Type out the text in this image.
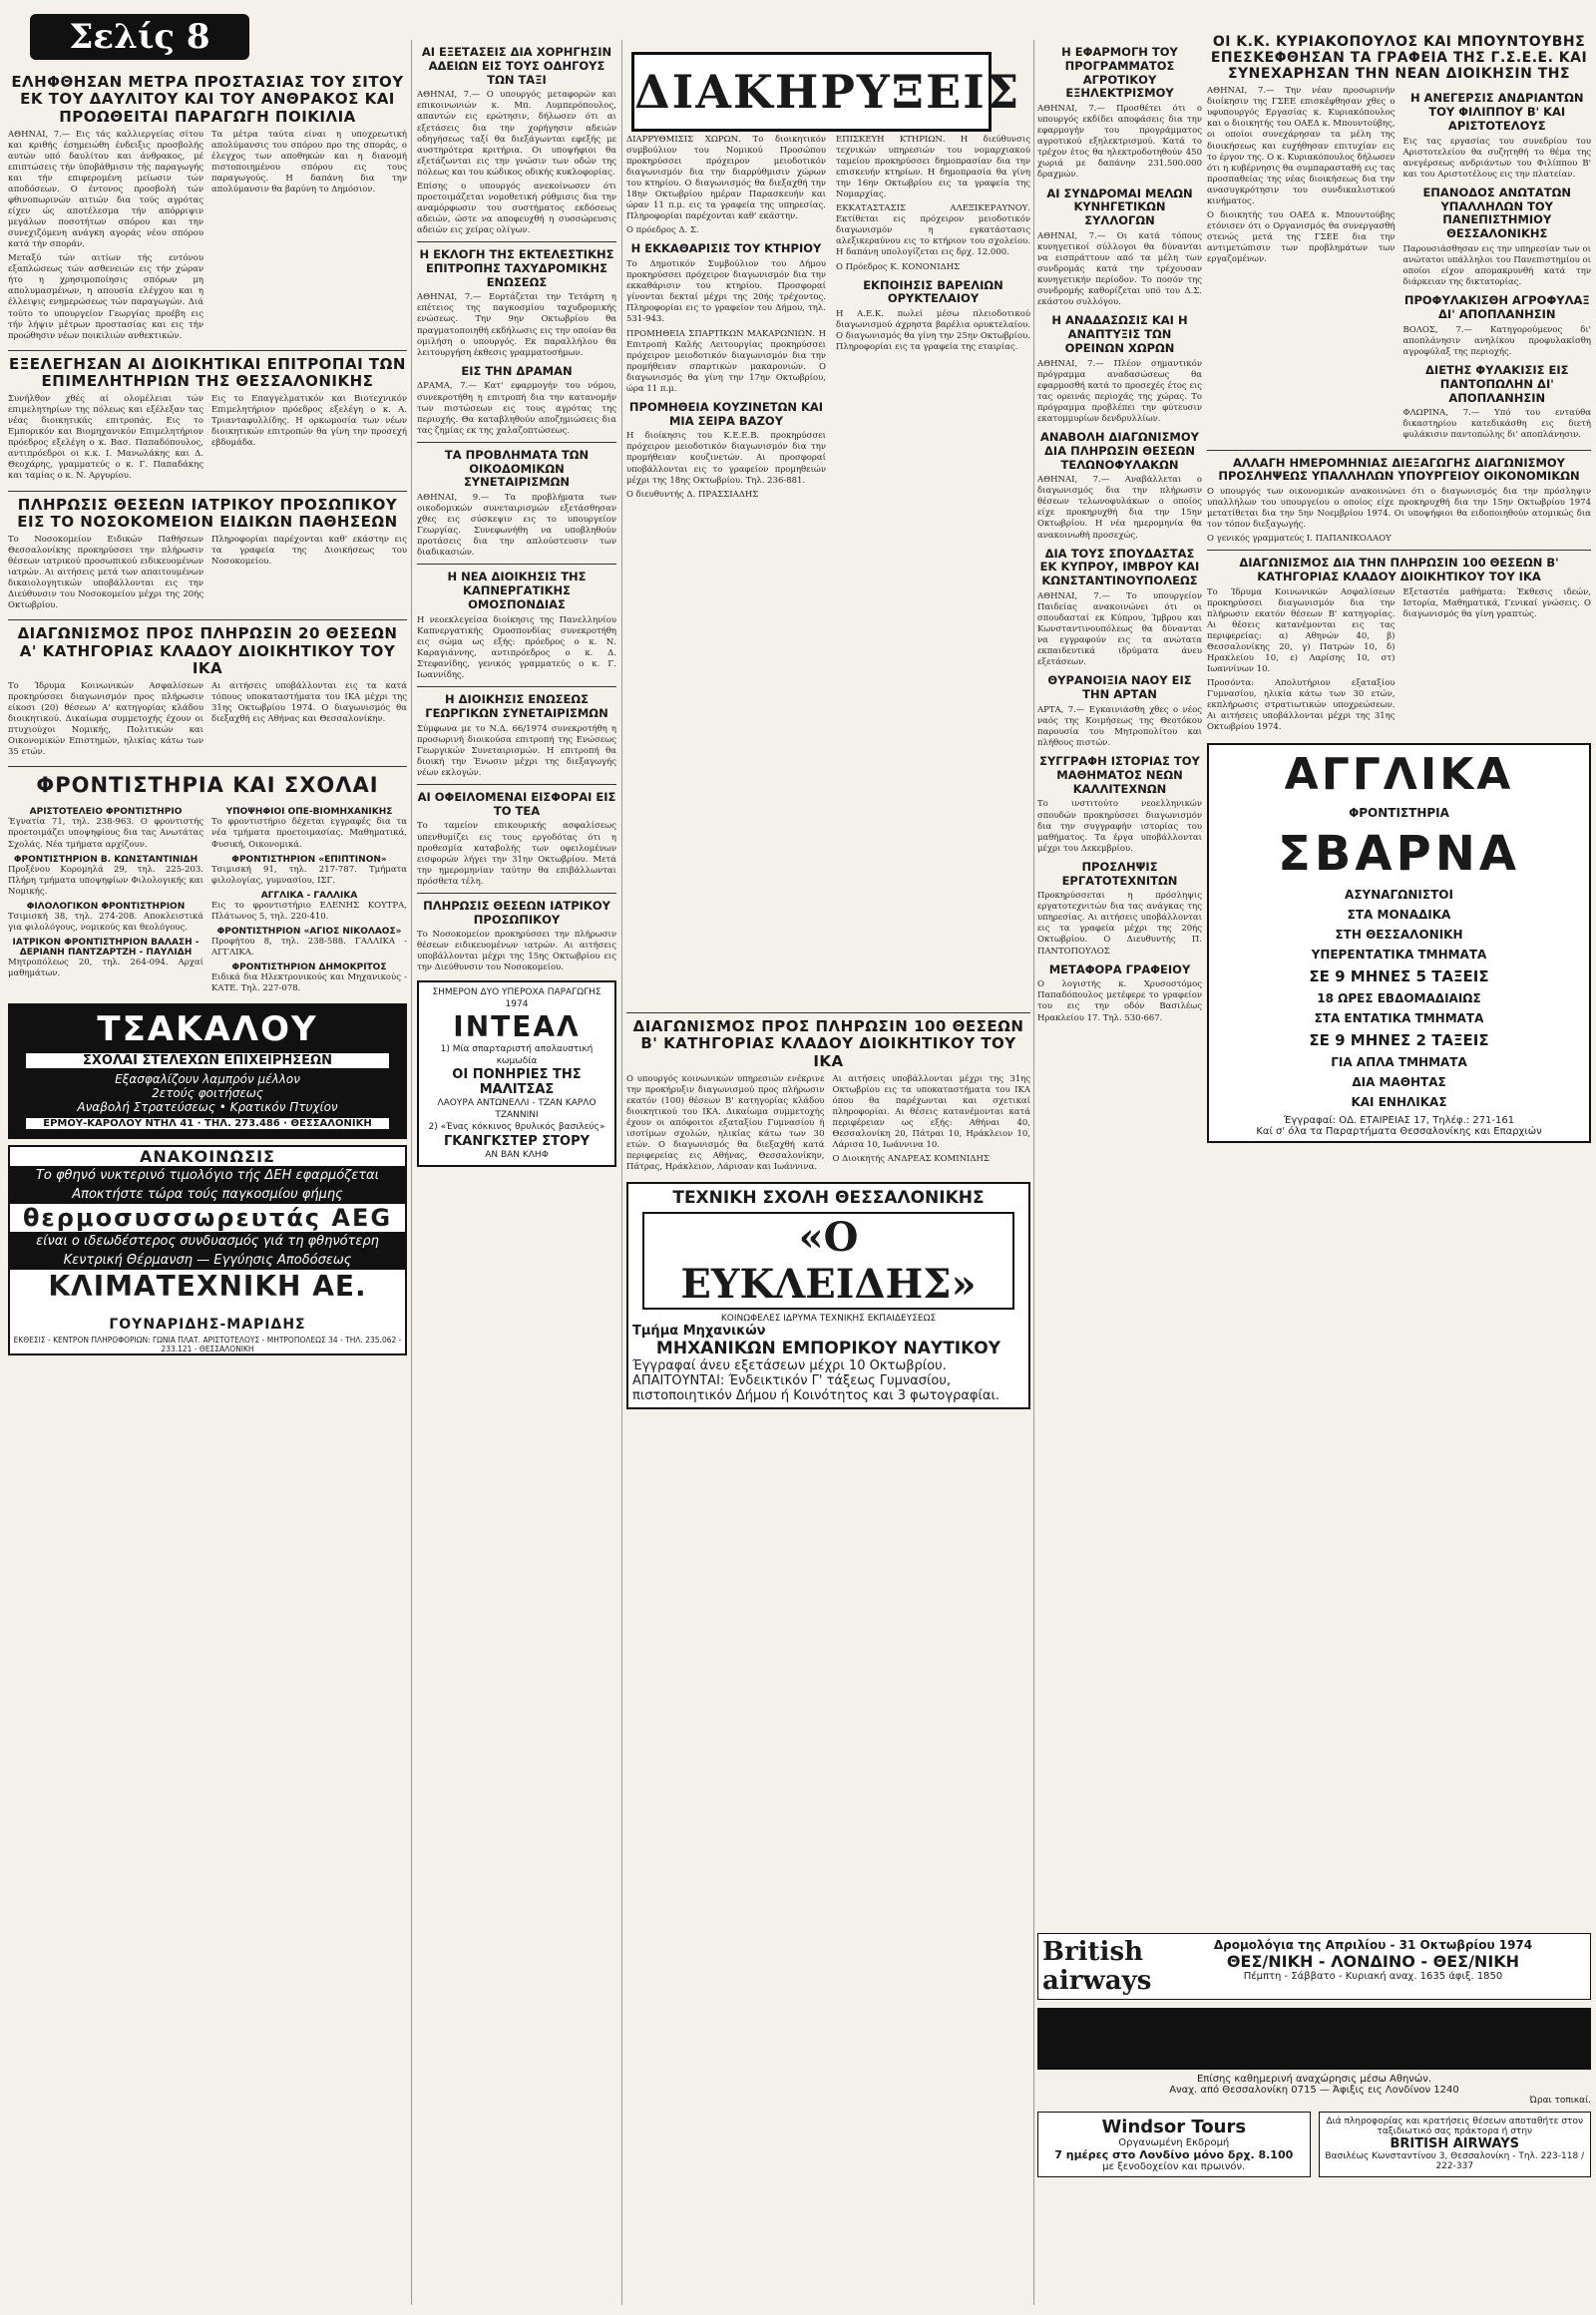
Σελίς 8
ΕΛΗΦΘΗΣΑΝ ΜΕΤΡΑ ΠΡΟΣΤΑΣΙΑΣ ΤΟΥ ΣΙΤΟΥ ΕΚ ΤΟΥ ΔΑΥΛΙΤΟΥ ΚΑΙ ΤΟΥ ΑΝΘΡΑΚΟΣ ΚΑΙ ΠΡΟΩΘΕΙΤΑΙ ΠΑΡΑΓΩΓΗ ΠΟΙΚΙΛΙΑ

ΑΘΗΝΑΙ, 7.— Εις τάς καλλιεργείας σίτου και κριθής έσημειώθη ένδειξις προσβολής αυτών υπό δαυλίτου και άνθρακος, μέ επιπτώσεις τήν ύποβάθμισιν τής παραγωγής και τήν επιφερομένη μείωσιν τών αποδόσεων. Ο έντονος προσβολή τών φθινοπωρινών αιτιών δια τούς αγρότας είχεν ώς αποτέλεσμα τήν απόρριψιν μεγάλων ποσοτήτων σπόρου και την συνεχιζόμενη ανάγκη αγοράς νέου σπόρου κατά τήν σποράν.

Μεταξύ τών αιτίων τής εντόνου εξαπλώσεως τών ασθενειών εις τήν χώραν ήτο η χρησιμοποίησις σπόρων μη απολυμασμένων, η απουσία ελέγχου και η έλλειψις ενημερώσεως τών παραγωγών. Διά τούτο το υπουργείον Γεωργίας προέβη εις τήν λήψιν μέτρων προστασίας και εις τήν προώθησιν νέων ποικιλιών ανθεκτικών.

Τα μέτρα ταύτα είναι η υποχρεωτική απολύμανσις του σπόρου προ της σποράς, ο έλεγχος των αποθηκών και η διανομή πιστοποιημένου σπόρου εις τους παραγωγούς. Η δαπάνη δια την απολύμανσιν θα βαρύνη το Δημόσιον.

ΕΞΕΛΕΓΗΣΑΝ ΑΙ ΔΙΟΙΚΗΤΙΚΑΙ ΕΠΙΤΡΟΠΑΙ ΤΩΝ ΕΠΙΜΕΛΗΤΗΡΙΩΝ ΤΗΣ ΘΕΣΣΑΛΟΝΙΚΗΣ

Συνήλθον χθές αί ολομέλειαι τών επιμελητηρίων της πόλεως και εξέλεξαν τας νέας διοικητικάς επιτροπάς. Εις το Εμπορικόν και Βιομηχανικόν Επιμελητήριον πρόεδρος εξελέγη ο κ. Βασ. Παπαδόπουλος, αντιπρόεδροι οι κ.κ. Ι. Μανωλάκης και Δ. Θεοχάρης, γραμματεύς ο κ. Γ. Παπαδάκης και ταμίας ο κ. Ν. Αργυρίου.

Εις το Επαγγελματικόν και Βιοτεχνικόν Επιμελητήριον πρόεδρος εξελέγη ο κ. Α. Τριανταφυλλίδης. Η ορκωμοσία των νέων διοικητικών επιτροπών θα γίνη την προσεχή εβδομάδα.

ΠΛΗΡΩΣΙΣ ΘΕΣΕΩΝ ΙΑΤΡΙΚΟΥ ΠΡΟΣΩΠΙΚΟΥ ΕΙΣ ΤΟ ΝΟΣΟΚΟΜΕΙΟΝ ΕΙΔΙΚΩΝ ΠΑΘΗΣΕΩΝ

Το Νοσοκομείον Ειδικών Παθήσεων Θεσσαλονίκης προκηρύσσει την πλήρωσιν θέσεων ιατρικού προσωπικού ειδικευομένων ιατρών. Αι αιτήσεις μετά των απαιτουμένων δικαιολογητικών υποβάλλονται εις την Διεύθυνσιν του Νοσοκομείου μέχρι της 20ής Οκτωβρίου.

Πληροφορίαι παρέχονται καθ' εκάστην εις τα γραφεία της Διοικήσεως του Νοσοκομείου.

ΔΙΑΓΩΝΙΣΜΟΣ ΠΡΟΣ ΠΛΗΡΩΣΙΝ 20 ΘΕΣΕΩΝ Α' ΚΑΤΗΓΟΡΙΑΣ ΚΛΑΔΟΥ ΔΙΟΙΚΗΤΙΚΟΥ ΤΟΥ ΙΚΑ

Το Ίδρυμα Κοινωνικών Ασφαλίσεων προκηρύσσει διαγωνισμόν προς πλήρωσιν είκοσι (20) θέσεων Α' κατηγορίας κλάδου διοικητικού. Δικαίωμα συμμετοχής έχουν οι πτυχιούχοι Νομικής, Πολιτικών και Οικονομικών Επιστημών, ηλικίας κάτω των 35 ετών.

Αι αιτήσεις υποβάλλονται εις τα κατά τόπους υποκαταστήματα του ΙΚΑ μέχρι της 31ης Οκτωβρίου 1974. Ο διαγωνισμός θα διεξαχθή εις Αθήνας και Θεσσαλονίκην.

ΦΡΟΝΤΙΣΤΗΡΙΑ ΚΑΙ ΣΧΟΛΑΙ
ΑΡΙΣΤΟΤΕΛΕΙΟ ΦΡΟΝΤΙΣΤΗΡΙΟ

Έγνατία 71, τηλ. 238-963. Ο φροντιστής προετοιμάζει υποψηφίους δια τας Ανωτάτας Σχολάς. Νέα τμήματα αρχίζουν.

ΦΡΟΝΤΙΣΤΗΡΙΟΝ Β. ΚΩΝΣΤΑΝΤΙΝΙΔΗ

Προξένου Κορομηλά 29, τηλ. 225-203. Πλήρη τμήματα υποψηφίων Φιλολογικής και Νομικής.

ΦΙΛΟΛΟΓΙΚΟΝ ΦΡΟΝΤΙΣΤΗΡΙΟΝ

Τσιμισκή 38, τηλ. 274-208. Αποκλειστικά για φιλολόγους, νομικούς και θεολόγους.

ΙΑΤΡΙΚΟΝ ΦΡΟΝΤΙΣΤΗΡΙΟΝ ΒΑΛΑΣΗ - ΔΕΡΙΑΝΗ ΠΑΝΤΖΑΡΤΖΗ - ΠΑΥΛΙΔΗ

Μητροπόλεως 20, τηλ. 264-094. Αρχαί μαθημάτων.

ΥΠΟΨΗΦΙΟΙ ΟΠΕ-ΒΙΟΜΗΧΑΝΙΚΗΣ

Το φροντιστήριο δέχεται εγγραφές δια τα νέα τμήματα προετοιμασίας. Μαθηματικά, Φυσική, Οικονομικά.

ΦΡΟΝΤΙΣΤΗΡΙΟΝ «ΕΠΙΠΤΙΝΟΝ»

Τσιμισκή 91, τηλ. 217-787. Τμήματα φιλολογίας, γυμνασίου, ΙΣΓ.

ΑΓΓΛΙΚΑ - ΓΑΛΛΙΚΑ

Εις το φροντιστήριο ΕΛΕΝΗΣ ΚΟΥΤΡΑ, Πλάτωνος 5, τηλ. 220-410.

ΦΡΟΝΤΙΣΤΗΡΙΟΝ «ΑΓΙΟΣ ΝΙΚΟΛΑΟΣ»

Προφήτου 8, τηλ. 238-588. ΓΑΛΛΙΚΑ - ΑΓΓΛΙΚΑ.

ΦΡΟΝΤΙΣΤΗΡΙΟΝ ΔΗΜΟΚΡΙΤΟΣ

Ειδικά δια Ηλεκτρονικούς και Μηχανικούς - ΚΑΤΕ. Τηλ. 227-078.

ΤΣΑΚΑΛΟΥ
ΣΧΟΛΑΙ ΣΤΕΛΕΧΩΝ ΕΠΙΧΕΙΡΗΣΕΩΝ
Εξασφαλίζουν λαμπρόν μέλλον
2ετούς φοιτήσεως
Αναβολή Στρατεύσεως • Κρατικόν Πτυχίον
ΕΡΜΟΥ-ΚΑΡΟΛΟΥ ΝΤΗΛ 41 · ΤΗΛ. 273.486 · ΘΕΣΣΑΛΟΝΙΚΗ
ΑΝΑΚΟΙΝΩΣΙΣ
Το φθηνό νυκτερινό τιμολόγιο τής ΔΕΗ εφαρμόζεται
Αποκτήστε τώρα τούς παγκοσμίου φήμης
θερμοσυσσωρευτάς AEG
είναι ο ιδεωδέστερος συνδυασμός γιά τη φθηνότερη
Κεντρική Θέρμανση — Εγγύησις Αποδόσεως
ΚΛΙΜΑΤΕΧΝΙΚΗ ΑΕ. ΓΟΥΝΑΡΙΔΗΣ-ΜΑΡΙΔΗΣ
ΕΚΘΕΣΙΣ - ΚΕΝΤΡΟΝ ΠΛΗΡΟΦΟΡΙΩΝ: ΓΩΝΙΑ ΠΛΑΤ. ΑΡΙΣΤΟΤΕΛΟΥΣ - ΜΗΤΡΟΠΟΛΕΩΣ 34 - ΤΗΛ. 235.062 - 233.121 - ΘΕΣΣΑΛΟΝΙΚΗ
ΑΙ ΕΞΕΤΑΣΕΙΣ ΔΙΑ ΧΟΡΗΓΗΣΙΝ ΑΔΕΙΩΝ ΕΙΣ ΤΟΥΣ ΟΔΗΓΟΥΣ ΤΩΝ ΤΑΞΙ

ΑΘΗΝΑΙ, 7.— Ο υπουργός μεταφορών και επικοινωνιών κ. Μπ. Λυμπερόπουλος, απαντών εις ερώτησιν, δήλωσεν ότι αι εξετάσεις δια την χορήγησιν αδειών οδηγήσεως ταξί θα διεξάγωνται εφεξής με αυστηρότερα κριτήρια. Οι υποψήφιοι θα εξετάζωνται εις την γνώσιν των οδών της πόλεως και του κώδικος οδικής κυκλοφορίας.

Επίσης ο υπουργός ανεκοίνωσεν ότι προετοιμάζεται νομοθετική ρύθμισις δια την αναμόρφωσιν του συστήματος εκδόσεως αδειών, ώστε να αποφευχθή η συσσώρευσις αδειών εις χείρας ολίγων.

Η ΕΚΛΟΓΗ ΤΗΣ ΕΚΤΕΛΕΣΤΙΚΗΣ ΕΠΙΤΡΟΠΗΣ ΤΑΧΥΔΡΟΜΙΚΗΣ ΕΝΩΣΕΩΣ

ΑΘΗΝΑΙ, 7.— Εορτάζεται την Τετάρτη η επέτειος της παγκοσμίου ταχυδρομικής ενώσεως. Την 9ην Οκτωβρίου θα πραγματοποιηθή εκδήλωσις εις την οποίαν θα ομιλήση ο υπουργός. Εκ παραλλήλου θα λειτουργήση έκθεσις γραμματοσήμων.

ΕΙΣ ΤΗΝ ΔΡΑΜΑΝ

ΔΡΑΜΑ, 7.— Κατ' εφαρμογήν του νόμου, συνεκροτήθη η επιτροπή δια την κατανομήν των πιστώσεων εις τους αγρότας της περιοχής. Θα καταβληθούν αποζημιώσεις δια τας ζημίας εκ της χαλαζοπτώσεως.

ΤΑ ΠΡΟΒΛΗΜΑΤΑ ΤΩΝ ΟΙΚΟΔΟΜΙΚΩΝ ΣΥΝΕΤΑΙΡΙΣΜΩΝ

ΑΘΗΝΑΙ, 9.— Τα προβλήματα των οικοδομικών συνεταιρισμών εξετάσθησαν χθες εις σύσκεψιν εις το υπουργείον Γεωργίας. Συνεφωνήθη να υποβληθούν προτάσεις δια την απλούστευσιν των διαδικασιών.

Η ΝΕΑ ΔΙΟΙΚΗΣΙΣ ΤΗΣ ΚΑΠΝΕΡΓΑΤΙΚΗΣ ΟΜΟΣΠΟΝΔΙΑΣ

Η νεοεκλεγείσα διοίκησις της Πανελληνίου Καπνεργατικής Ομοσπονδίας συνεκροτήθη εις σώμα ως εξής: πρόεδρος ο κ. Ν. Καραγιάννης, αντιπρόεδρος ο κ. Δ. Στεφανίδης, γενικός γραμματεύς ο κ. Γ. Ιωαννίδης.

Η ΔΙΟΙΚΗΣΙΣ ΕΝΩΣΕΩΣ ΓΕΩΡΓΙΚΩΝ ΣΥΝΕΤΑΙΡΙΣΜΩΝ

Σύμφωνα με το Ν.Δ. 66/1974 συνεκροτήθη η προσωρινή διοικούσα επιτροπή της Ενώσεως Γεωργικών Συνεταιρισμών. Η επιτροπή θα διοική την Ένωσιν μέχρι της διεξαγωγής νέων εκλογών.

ΑΙ ΟΦΕΙΛΟΜΕΝΑΙ ΕΙΣΦΟΡΑΙ ΕΙΣ ΤΟ ΤΕΑ

Το ταμείον επικουρικής ασφαλίσεως υπενθυμίζει εις τους εργοδότας ότι η προθεσμία καταβολής των οφειλομένων εισφορών λήγει την 31ην Οκτωβρίου. Μετά την ημερομηνίαν ταύτην θα επιβάλλωνται πρόσθετα τέλη.

ΠΛΗΡΩΣΙΣ ΘΕΣΕΩΝ ΙΑΤΡΙΚΟΥ ΠΡΟΣΩΠΙΚΟΥ

Το Νοσοκομείον προκηρύσσει την πλήρωσιν θέσεων ειδικευομένων ιατρών. Αι αιτήσεις υποβάλλονται μέχρι της 15ης Οκτωβρίου εις την Διεύθυνσιν του Νοσοκομείου.

ΣΗΜΕΡΟΝ ΔΥΟ ΥΠΕΡΟΧΑ ΠΑΡΑΓΩΓΗΣ 1974
ΙΝΤΕΑΛ
1) Μία σπαρταριστή απολαυστική κωμωδία
ΟΙ ΠΟΝΗΡΙΕΣ ΤΗΣ ΜΑΛΙΤΣΑΣ
ΛΑΟΥΡΑ ΑΝΤΩΝΕΛΛΙ - ΤΖΑΝ ΚΑΡΛΟ ΤΖΑΝΝΙΝΙ
2) «Ένας κόκκινος θρυλικός βασιλεύς»
ΓΚΑΝΓΚΣΤΕΡ ΣΤΟΡΥ
ΑΝ ΒΑΝ ΚΛΗΦ
ΔΙΑΚΗΡΥΞΕΙΣ

ΔΙΑΡΡΥΘΜΙΣΙΣ ΧΩΡΩΝ. Το διοικητικόν συμβούλιον του Νομικού Προσώπου προκηρύσσει πρόχειρον μειοδοτικόν διαγωνισμόν δια την διαρρύθμισιν χώρων του κτηρίου. Ο διαγωνισμός θα διεξαχθή την 18ην Οκτωβρίου ημέραν Παρασκευήν και ώραν 11 π.μ. εις τα γραφεία της υπηρεσίας. Πληροφορίαι παρέχονται καθ' εκάστην.

Ο πρόεδρος Δ. Σ.

Η ΕΚΚΑΘΑΡΙΣΙΣ ΤΟΥ ΚΤΗΡΙΟΥ

Το Δημοτικόν Συμβούλιον του Δήμου προκηρύσσει πρόχειρον διαγωνισμόν δια την εκκαθάρισιν του κτηρίου. Προσφοραί γίνονται δεκταί μέχρι της 20ής τρέχοντος. Πληροφορίαι εις το γραφείον του Δήμου, τηλ. 531-943.

ΠΡΟΜΗΘΕΙΑ ΣΠΑΡΤΙΚΩΝ ΜΑΚΑΡΩΝΙΩΝ. Η Επιτροπή Καλής Λειτουργίας προκηρύσσει πρόχειρον μειοδοτικόν διαγωνισμόν δια την προμήθειαν σπαρτικών μακαρονιών. Ο διαγωνισμός θα γίνη την 17ην Οκτωβρίου, ώρα 11 π.μ.

ΠΡΟΜΗΘΕΙΑ ΚΟΥΖΙΝΕΤΩΝ ΚΑΙ ΜΙΑ ΣΕΙΡΑ ΒΑΖΟΥ

Η διοίκησις του Κ.Ε.Ε.Β. προκηρύσσει πρόχειρον μειοδοτικόν διαγωνισμόν δια την προμήθειαν κουζινετών. Αι προσφοραί υποβάλλονται εις το γραφείον προμηθειών μέχρι της 18ης Οκτωβρίου. Τηλ. 236-881.

Ο διευθυντής Δ. ΠΡΑΣΣΙΑΔΗΣ

ΕΠΙΣΚΕΥΗ ΚΤΗΡΙΩΝ. Η διεύθυνσις τεχνικών υπηρεσιών του νομαρχιακού ταμείου προκηρύσσει δημοπρασίαν δια την επισκευήν κτηρίων. Η δημοπρασία θα γίνη την 16ην Οκτωβρίου εις τα γραφεία της Νομαρχίας.

ΕΚΚΑΤΑΣΤΑΣΙΣ ΑΛΕΞΙΚΕΡΑΥΝΟΥ. Εκτίθεται εις πρόχειρον μειοδοτικόν διαγωνισμόν η εγκατάστασις αλεξικεραύνου εις το κτήριον του σχολείου. Η δαπάνη υπολογίζεται εις δρχ. 12.000.

Ο Πρόεδρος Κ. ΚΟΝΟΝΙΔΗΣ

ΕΚΠΟΙΗΣΙΣ ΒΑΡΕΛΙΩΝ ΟΡΥΚΤΕΛΑΙΟΥ

Η Α.Ε.Κ. πωλεί μέσω πλειοδοτικού διαγωνισμού άχρηστα βαρέλια ορυκτελαίου. Ο διαγωνισμός θα γίνη την 25ην Οκτωβρίου. Πληροφορίαι εις τα γραφεία της εταιρίας.

ΔΙΑΓΩΝΙΣΜΟΣ ΠΡΟΣ ΠΛΗΡΩΣΙΝ 100 ΘΕΣΕΩΝ Β' ΚΑΤΗΓΟΡΙΑΣ ΚΛΑΔΟΥ ΔΙΟΙΚΗΤΙΚΟΥ ΤΟΥ ΙΚΑ

Ο υπουργός κοινωνικών υπηρεσιών ενέκρινε την προκήρυξιν διαγωνισμού προς πλήρωσιν εκατόν (100) θέσεων Β' κατηγορίας κλάδου διοικητικού του ΙΚΑ. Δικαίωμα συμμετοχής έχουν οι απόφοιτοι εξαταξίου Γυμνασίου ή ισοτίμων σχολών, ηλικίας κάτω των 30 ετών. Ο διαγωνισμός θα διεξαχθή κατά περιφερείας εις Αθήνας, Θεσσαλονίκην, Πάτρας, Ηράκλειον, Λάρισαν και Ιωάννινα.

Αι αιτήσεις υποβάλλονται μέχρι της 31ης Οκτωβρίου εις τα υποκαταστήματα του ΙΚΑ όπου θα παρέχωνται και σχετικαί πληροφορίαι. Αι θέσεις κατανέμονται κατά περιφέρειαν ως εξής: Αθήναι 40, Θεσσαλονίκη 20, Πάτραι 10, Ηράκλειον 10, Λάρισα 10, Ιωάννινα 10.

Ο Διοικητής ΑΝΔΡΕΑΣ ΚΟΜΙΝΙΔΗΣ

ΤΕΧΝΙΚΗ ΣΧΟΛΗ ΘΕΣΣΑΛΟΝΙΚΗΣ
«Ο ΕΥΚΛΕΙΔΗΣ»
ΚΟΙΝΩΦΕΛΕΣ ΙΔΡΥΜΑ ΤΕΧΝΙΚΗΣ ΕΚΠΑΙΔΕΥΣΕΩΣ
Τμήμα Μηχανικών
ΜΗΧΑΝΙΚΩΝ ΕΜΠΟΡΙΚΟΥ ΝΑΥΤΙΚΟΥ
Έγγραφαί άνευ εξετάσεων μέχρι 10 Οκτωβρίου.
ΑΠΑΙΤΟΥΝΤΑΙ: Ένδεικτικόν Γ' τάξεως Γυμνασίου, πιστοποιητικόν Δήμου ή Κοινότητος και 3 φωτογραφίαι.
Η ΕΦΑΡΜΟΓΗ ΤΟΥ ΠΡΟΓΡΑΜΜΑΤΟΣ ΑΓΡΟΤΙΚΟΥ ΕΞΗΛΕΚΤΡΙΣΜΟΥ

ΑΘΗΝΑΙ, 7.— Προσθέτει ότι ο υπουργός εκδίδει αποφάσεις δια την εφαρμογήν του προγράμματος αγροτικού εξηλεκτρισμού. Κατά το τρέχον έτος θα ηλεκτροδοτηθούν 450 χωριά με δαπάνην 231.500.000 δραχμών.

ΑΙ ΣΥΝΔΡΟΜΑΙ ΜΕΛΩΝ ΚΥΝΗΓΕΤΙΚΩΝ ΣΥΛΛΟΓΩΝ

ΑΘΗΝΑΙ, 7.— Οι κατά τόπους κυνηγετικοί σύλλογοι θα δύνανται να εισπράττουν από τα μέλη των συνδρομάς κατά την τρέχουσαν κυνηγετικήν περίοδον. Το ποσόν της συνδρομής καθορίζεται υπό του Δ.Σ. εκάστου συλλόγου.

Η ΑΝΑΔΑΣΩΣΙΣ ΚΑΙ Η ΑΝΑΠΤΥΞΙΣ ΤΩΝ ΟΡΕΙΝΩΝ ΧΩΡΩΝ

ΑΘΗΝΑΙ, 7.— Πλέον σημαντικόν πρόγραμμα αναδασώσεως θα εφαρμοσθή κατά το προσεχές έτος εις τας ορεινάς περιοχάς της χώρας. Το πρόγραμμα προβλέπει την φύτευσιν εκατομμυρίων δενδρυλλίων.

ΑΝΑΒΟΛΗ ΔΙΑΓΩΝΙΣΜΟΥ ΔΙΑ ΠΛΗΡΩΣΙΝ ΘΕΣΕΩΝ ΤΕΛΩΝΟΦΥΛΑΚΩΝ

ΑΘΗΝΑΙ, 7.— Αναβάλλεται ο διαγωνισμός δια την πλήρωσιν θέσεων τελωνοφυλάκων ο οποίος είχε προκηρυχθή δια την 15ην Οκτωβρίου. Η νέα ημερομηνία θα ανακοινωθή προσεχώς.

ΔΙΑ ΤΟΥΣ ΣΠΟΥΔΑΣΤΑΣ ΕΚ ΚΥΠΡΟΥ, ΙΜΒΡΟΥ ΚΑΙ ΚΩΝΣΤΑΝΤΙΝΟΥΠΟΛΕΩΣ

ΑΘΗΝΑΙ, 7.— Το υπουργείον Παιδείας ανακοινώνει ότι οι σπουδασταί εκ Κύπρου, Ίμβρου και Κωνσταντινουπόλεως θα δύνανται να εγγραφούν εις τα ανώτατα εκπαιδευτικά ιδρύματα άνευ εξετάσεων.

ΘΥΡΑΝΟΙΞΙΑ ΝΑΟΥ ΕΙΣ ΤΗΝ ΑΡΤΑΝ

ΑΡΤΑ, 7.— Εγκαινιάσθη χθες ο νέος ναός της Κοιμήσεως της Θεοτόκου παρουσία του Μητροπολίτου και πλήθους πιστών.

ΣΥΓΓΡΑΦΗ ΙΣΤΟΡΙΑΣ ΤΟΥ ΜΑΘΗΜΑΤΟΣ ΝΕΩΝ ΚΑΛΛΙΤΕΧΝΩΝ

Το ινστιτούτο νεοελληνικών σπουδών προκηρύσσει διαγωνισμόν δια την συγγραφήν ιστορίας του μαθήματος. Τα έργα υποβάλλονται μέχρι του Δεκεμβρίου.

ΠΡΟΣΛΗΨΙΣ ΕΡΓΑΤΟΤΕΧΝΙΤΩΝ

Προκηρύσσεται η πρόσληψις εργατοτεχνιτών δια τας ανάγκας της υπηρεσίας. Αι αιτήσεις υποβάλλονται εις τα γραφεία μέχρι της 20ής Οκτωβρίου. Ο Διευθυντής Π. ΠΑΝΤΟΠΟΥΛΟΣ

ΜΕΤΑΦΟΡΑ ΓΡΑΦΕΙΟΥ

Ο λογιστής κ. Χρυσοστόμος Παπαδόπουλος μετέφερε το γραφείον του εις την οδόν Βασιλέως Ηρακλείου 17. Τηλ. 530-667.

ΟΙ Κ.Κ. ΚΥΡΙΑΚΟΠΟΥΛΟΣ ΚΑΙ ΜΠΟΥΝΤΟΥΒΗΣ ΕΠΕΣΚΕΦΘΗΣΑΝ ΤΑ ΓΡΑΦΕΙΑ ΤΗΣ Γ.Σ.Ε.Ε. ΚΑΙ ΣΥΝΕΧΑΡΗΣΑΝ ΤΗΝ ΝΕΑΝ ΔΙΟΙΚΗΣΙΝ ΤΗΣ

ΑΘΗΝΑΙ, 7.— Την νέαν προσωρινήν διοίκησιν της ΓΣΕΕ επισκέφθησαν χθες ο υφυπουργός Εργασίας κ. Κυριακόπουλος και ο διοικητής του ΟΑΕΔ κ. Μπουντούβης, οι οποίοι συνεχάρησαν τα μέλη της διοικήσεως και ευχήθησαν επιτυχίαν εις το έργον της. Ο κ. Κυριακόπουλος δήλωσεν ότι η κυβέρνησις θα συμπαρασταθή εις τας προσπαθείας της νέας διοικήσεως δια την ανασυγκρότησιν του συνδικαλιστικού κινήματος.

Ο διοικητής του ΟΑΕΔ κ. Μπουντούβης ετόνισεν ότι ο Οργανισμός θα συνεργασθή στενώς μετά της ΓΣΕΕ δια την αντιμετώπισιν των προβλημάτων των εργαζομένων.

Η ΑΝΕΓΕΡΣΙΣ ΑΝΔΡΙΑΝΤΩΝ ΤΟΥ ΦΙΛΙΠΠΟΥ Β' ΚΑΙ ΑΡΙΣΤΟΤΕΛΟΥΣ

Εις τας εργασίας του συνεδρίου του Αριστοτελείου θα συζητηθή το θέμα της ανεγέρσεως ανδριάντων του Φιλίππου Β' και του Αριστοτέλους εις την πλατείαν.

ΕΠΑΝΟΔΟΣ ΑΝΩΤΑΤΩΝ ΥΠΑΛΛΗΛΩΝ ΤΟΥ ΠΑΝΕΠΙΣΤΗΜΙΟΥ ΘΕΣΣΑΛΟΝΙΚΗΣ

Παρουσιάσθησαν εις την υπηρεσίαν των οι ανώτατοι υπάλληλοι του Πανεπιστημίου οι οποίοι είχον απομακρυνθή κατά την διάρκειαν της δικτατορίας.

ΠΡΟΦΥΛΑΚΙΣΘΗ ΑΓΡΟΦΥΛΑΞ ΔΙ' ΑΠΟΠΛΑΝΗΣΙΝ

ΒΟΛΟΣ, 7.— Κατηγορούμενος δι' αποπλάνησιν ανηλίκου προφυλακίσθη αγροφύλαξ της περιοχής.

ΔΙΕΤΗΣ ΦΥΛΑΚΙΣΙΣ ΕΙΣ ΠΑΝΤΟΠΩΛΗΝ ΔΙ' ΑΠΟΠΛΑΝΗΣΙΝ

ΦΛΩΡΙΝΑ, 7.— Υπό του ενταύθα δικαστηρίου κατεδικάσθη εις διετή φυλάκισιν παντοπώλης δι' αποπλάνησιν.

ΑΛΛΑΓΗ ΗΜΕΡΟΜΗΝΙΑΣ ΔΙΕΞΑΓΩΓΗΣ ΔΙΑΓΩΝΙΣΜΟΥ ΠΡΟΣΛΗΨΕΩΣ ΥΠΑΛΛΗΛΩΝ ΥΠΟΥΡΓΕΙΟΥ ΟΙΚΟΝΟΜΙΚΩΝ

Ο υπουργός των οικονομικών ανακοινώνει ότι ο διαγωνισμός δια την πρόσληψιν υπαλλήλων του υπουργείου ο οποίος είχε προκηρυχθή δια την 15ην Οκτωβρίου 1974 μετατίθεται δια την 5ην Νοεμβρίου 1974. Οι υποψήφιοι θα ειδοποιηθούν ατομικώς δια τον τόπον διεξαγωγής.

Ο γενικός γραμματεύς Ι. ΠΑΠΑΝΙΚΟΛΑΟΥ

ΔΙΑΓΩΝΙΣΜΟΣ ΔΙΑ ΤΗΝ ΠΛΗΡΩΣΙΝ 100 ΘΕΣΕΩΝ Β' ΚΑΤΗΓΟΡΙΑΣ ΚΛΑΔΟΥ ΔΙΟΙΚΗΤΙΚΟΥ ΤΟΥ ΙΚΑ

Το Ίδρυμα Κοινωνικών Ασφαλίσεων προκηρύσσει διαγωνισμόν δια την πλήρωσιν εκατόν θέσεων Β' κατηγορίας. Αι θέσεις κατανέμονται εις τας περιφερείας: α) Αθηνών 40, β) Θεσσαλονίκης 20, γ) Πατρών 10, δ) Ηρακλείου 10, ε) Λαρίσης 10, στ) Ιωαννίνων 10.

Προσόντα: Απολυτήριον εξαταξίου Γυμνασίου, ηλικία κάτω των 30 ετών, εκπλήρωσις στρατιωτικών υποχρεώσεων. Αι αιτήσεις υποβάλλονται μέχρι της 31ης Οκτωβρίου 1974.

Εξεταστέα μαθήματα: Έκθεσις ιδεών, Ιστορία, Μαθηματικά, Γενικαί γνώσεις. Ο διαγωνισμός θα γίνη γραπτώς.

ΑΓΓΛΙΚΑ
ΦΡΟΝΤΙΣΤΗΡΙΑ
ΣΒΑΡΝΑ
ΑΣΥΝΑΓΩΝΙΣΤΟΙ
ΣΤΑ ΜΟΝΑΔΙΚΑ
ΣΤΗ ΘΕΣΣΑΛΟΝΙΚΗ
ΥΠΕΡΕΝΤΑΤΙΚΑ ΤΜΗΜΑΤΑ
ΣΕ 9 ΜΗΝΕΣ 5 ΤΑΞΕΙΣ
18 ΩΡΕΣ ΕΒΔΟΜΑΔΙΑΙΩΣ
ΣΤΑ ΕΝΤΑΤΙΚΑ ΤΜΗΜΑΤΑ
ΣΕ 9 ΜΗΝΕΣ 2 ΤΑΞΕΙΣ
ΓΙΑ ΑΠΛΑ ΤΜΗΜΑΤΑ
ΔΙΑ ΜΑΘΗΤΑΣ
ΚΑΙ ΕΝΗΛΙΚΑΣ
Έγγραφαί: ΟΔ. ΕΤΑΙΡΕΙΑΣ 17, Τηλέφ.: 271-161
Καί σ' όλα τα Παραρτήματα Θεσσαλονίκης και Επαρχιών
British airways
Δρομολόγια της Απριλίου - 31 Οκτωβρίου 1974
ΘΕΣ/ΝΙΚΗ - ΛΟΝΔΙΝΟ - ΘΕΣ/ΝΙΚΗ
Πέμπτη - Σάββατο - Κυριακή αναχ. 1635 άφιξ. 1850
Επίσης καθημερινή αναχώρησις μέσω Αθηνών.
Αναχ. από Θεσσαλονίκη 0715 — Άφιξις εις Λονδίνον 1240
Ώραι τοπικαί.
Windsor Tours
Οργανωμένη Εκδρομή
7 ημέρες στο Λονδίνο μόνο δρχ. 8.100
με ξενοδοχείον και πρωινόν.
Διά πληροφορίας και κρατήσεις θέσεων αποταθήτε στον ταξιδιωτικό σας πράκτορα ή στην
BRITISH AIRWAYS
Βασιλέως Κωνσταντίνου 3, Θεσσαλονίκη - Τηλ. 223-118 / 222-337
